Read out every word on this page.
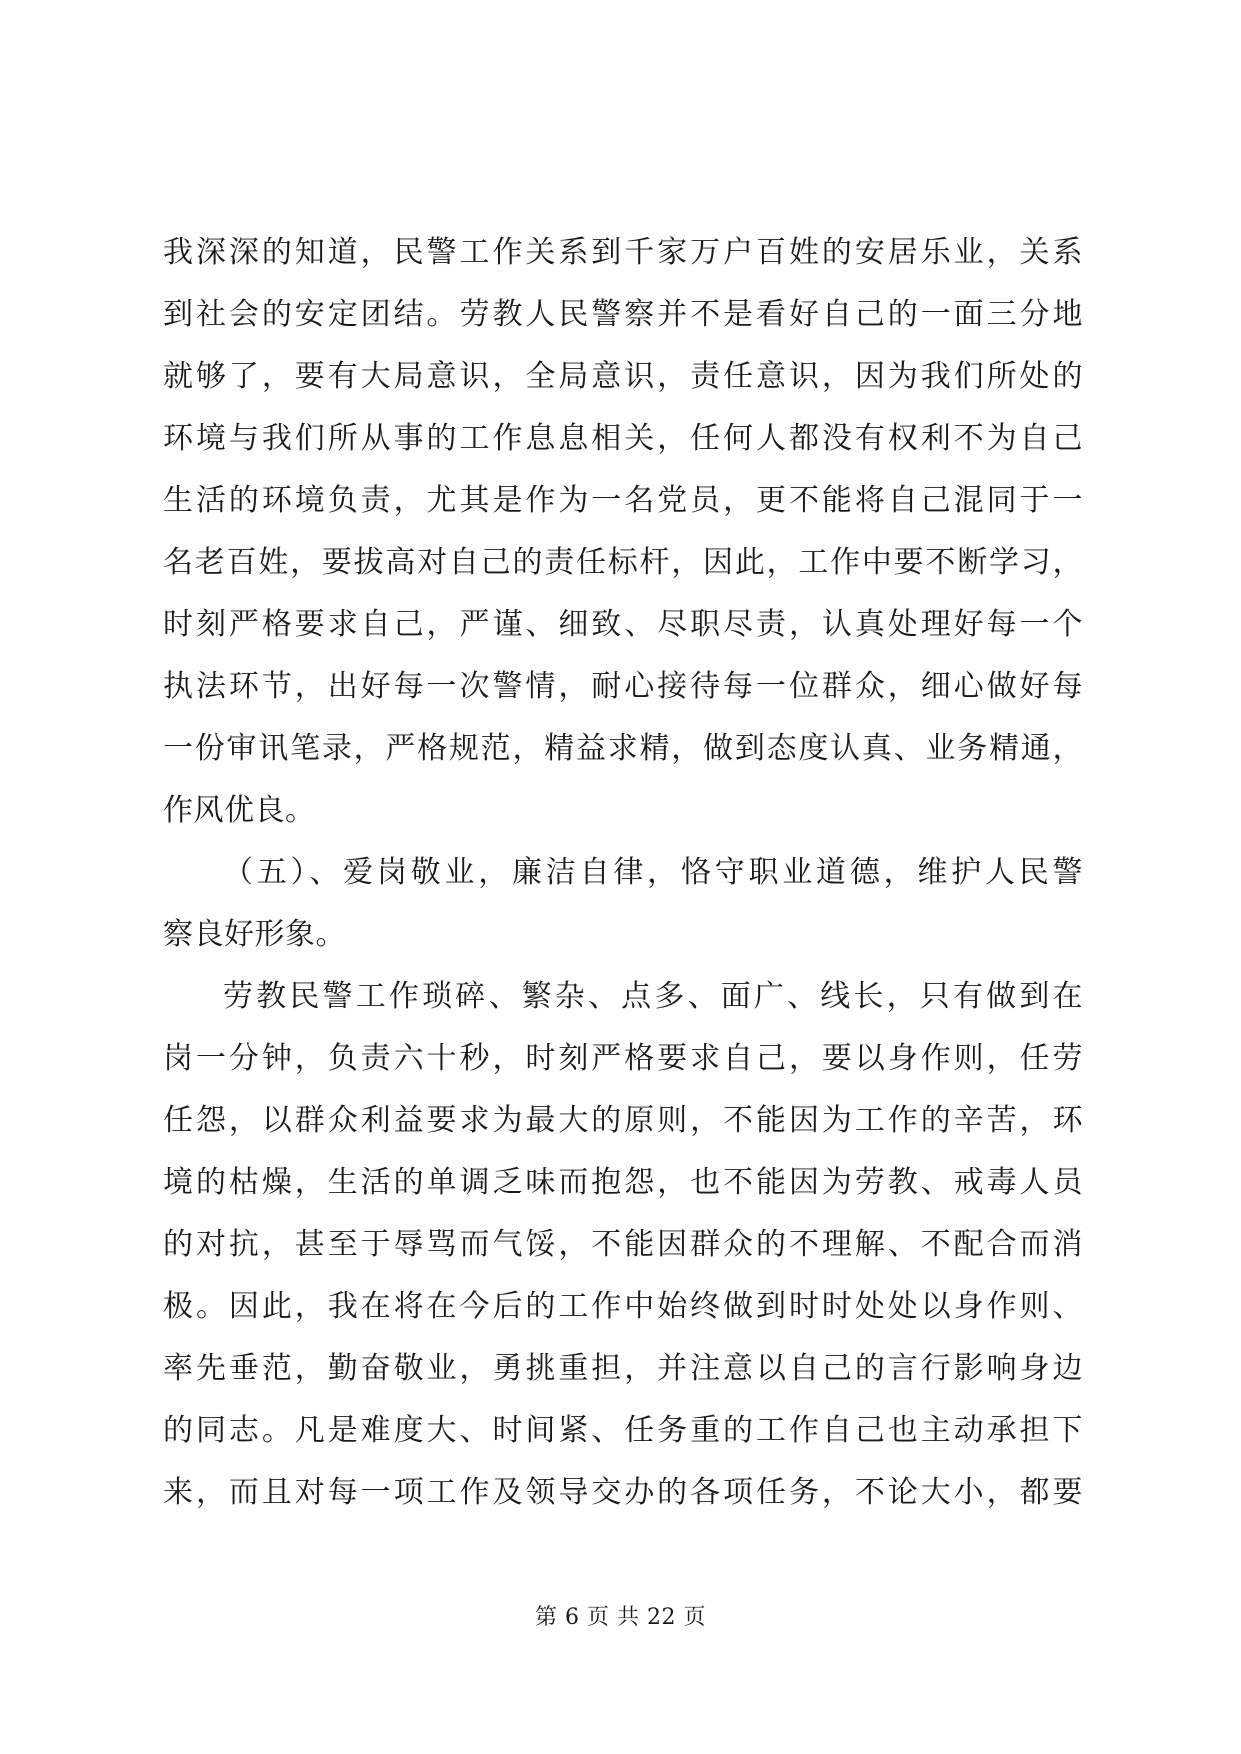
我深深的知道，民警工作关系到千家万户百姓的安居乐业，关系
到社会的安定团结。劳教人民警察并不是看好自己的一面三分地
就够了，要有大局意识，全局意识，责任意识，因为我们所处的
环境与我们所从事的工作息息相关，任何人都没有权利不为自己
生活的环境负责，尤其是作为一名党员，更不能将自己混同于一
名老百姓，要拔高对自己的责任标杆，因此，工作中要不断学习，
时刻严格要求自己，严谨、细致、尽职尽责，认真处理好每一个
执法环节，出好每一次警情，耐心接待每一位群众，细心做好每
一份审讯笔录，严格规范，精益求精，做到态度认真、业务精通，
作风优良。
（五）、爱岗敬业，廉洁自律，恪守职业道德，维护人民警
察良好形象。
劳教民警工作琐碎、繁杂、点多、面广、线长，只有做到在
岗一分钟，负责六十秒，时刻严格要求自己，要以身作则，任劳
任怨，以群众利益要求为最大的原则，不能因为工作的辛苦，环
境的枯燥，生活的单调乏味而抱怨，也不能因为劳教、戒毒人员
的对抗，甚至于辱骂而气馁，不能因群众的不理解、不配合而消
极。因此，我在将在今后的工作中始终做到时时处处以身作则、
率先垂范，勤奋敬业，勇挑重担，并注意以自己的言行影响身边
的同志。凡是难度大、时间紧、任务重的工作自己也主动承担下
来，而且对每一项工作及领导交办的各项任务，不论大小，都要
第 6 页 共 22 页
